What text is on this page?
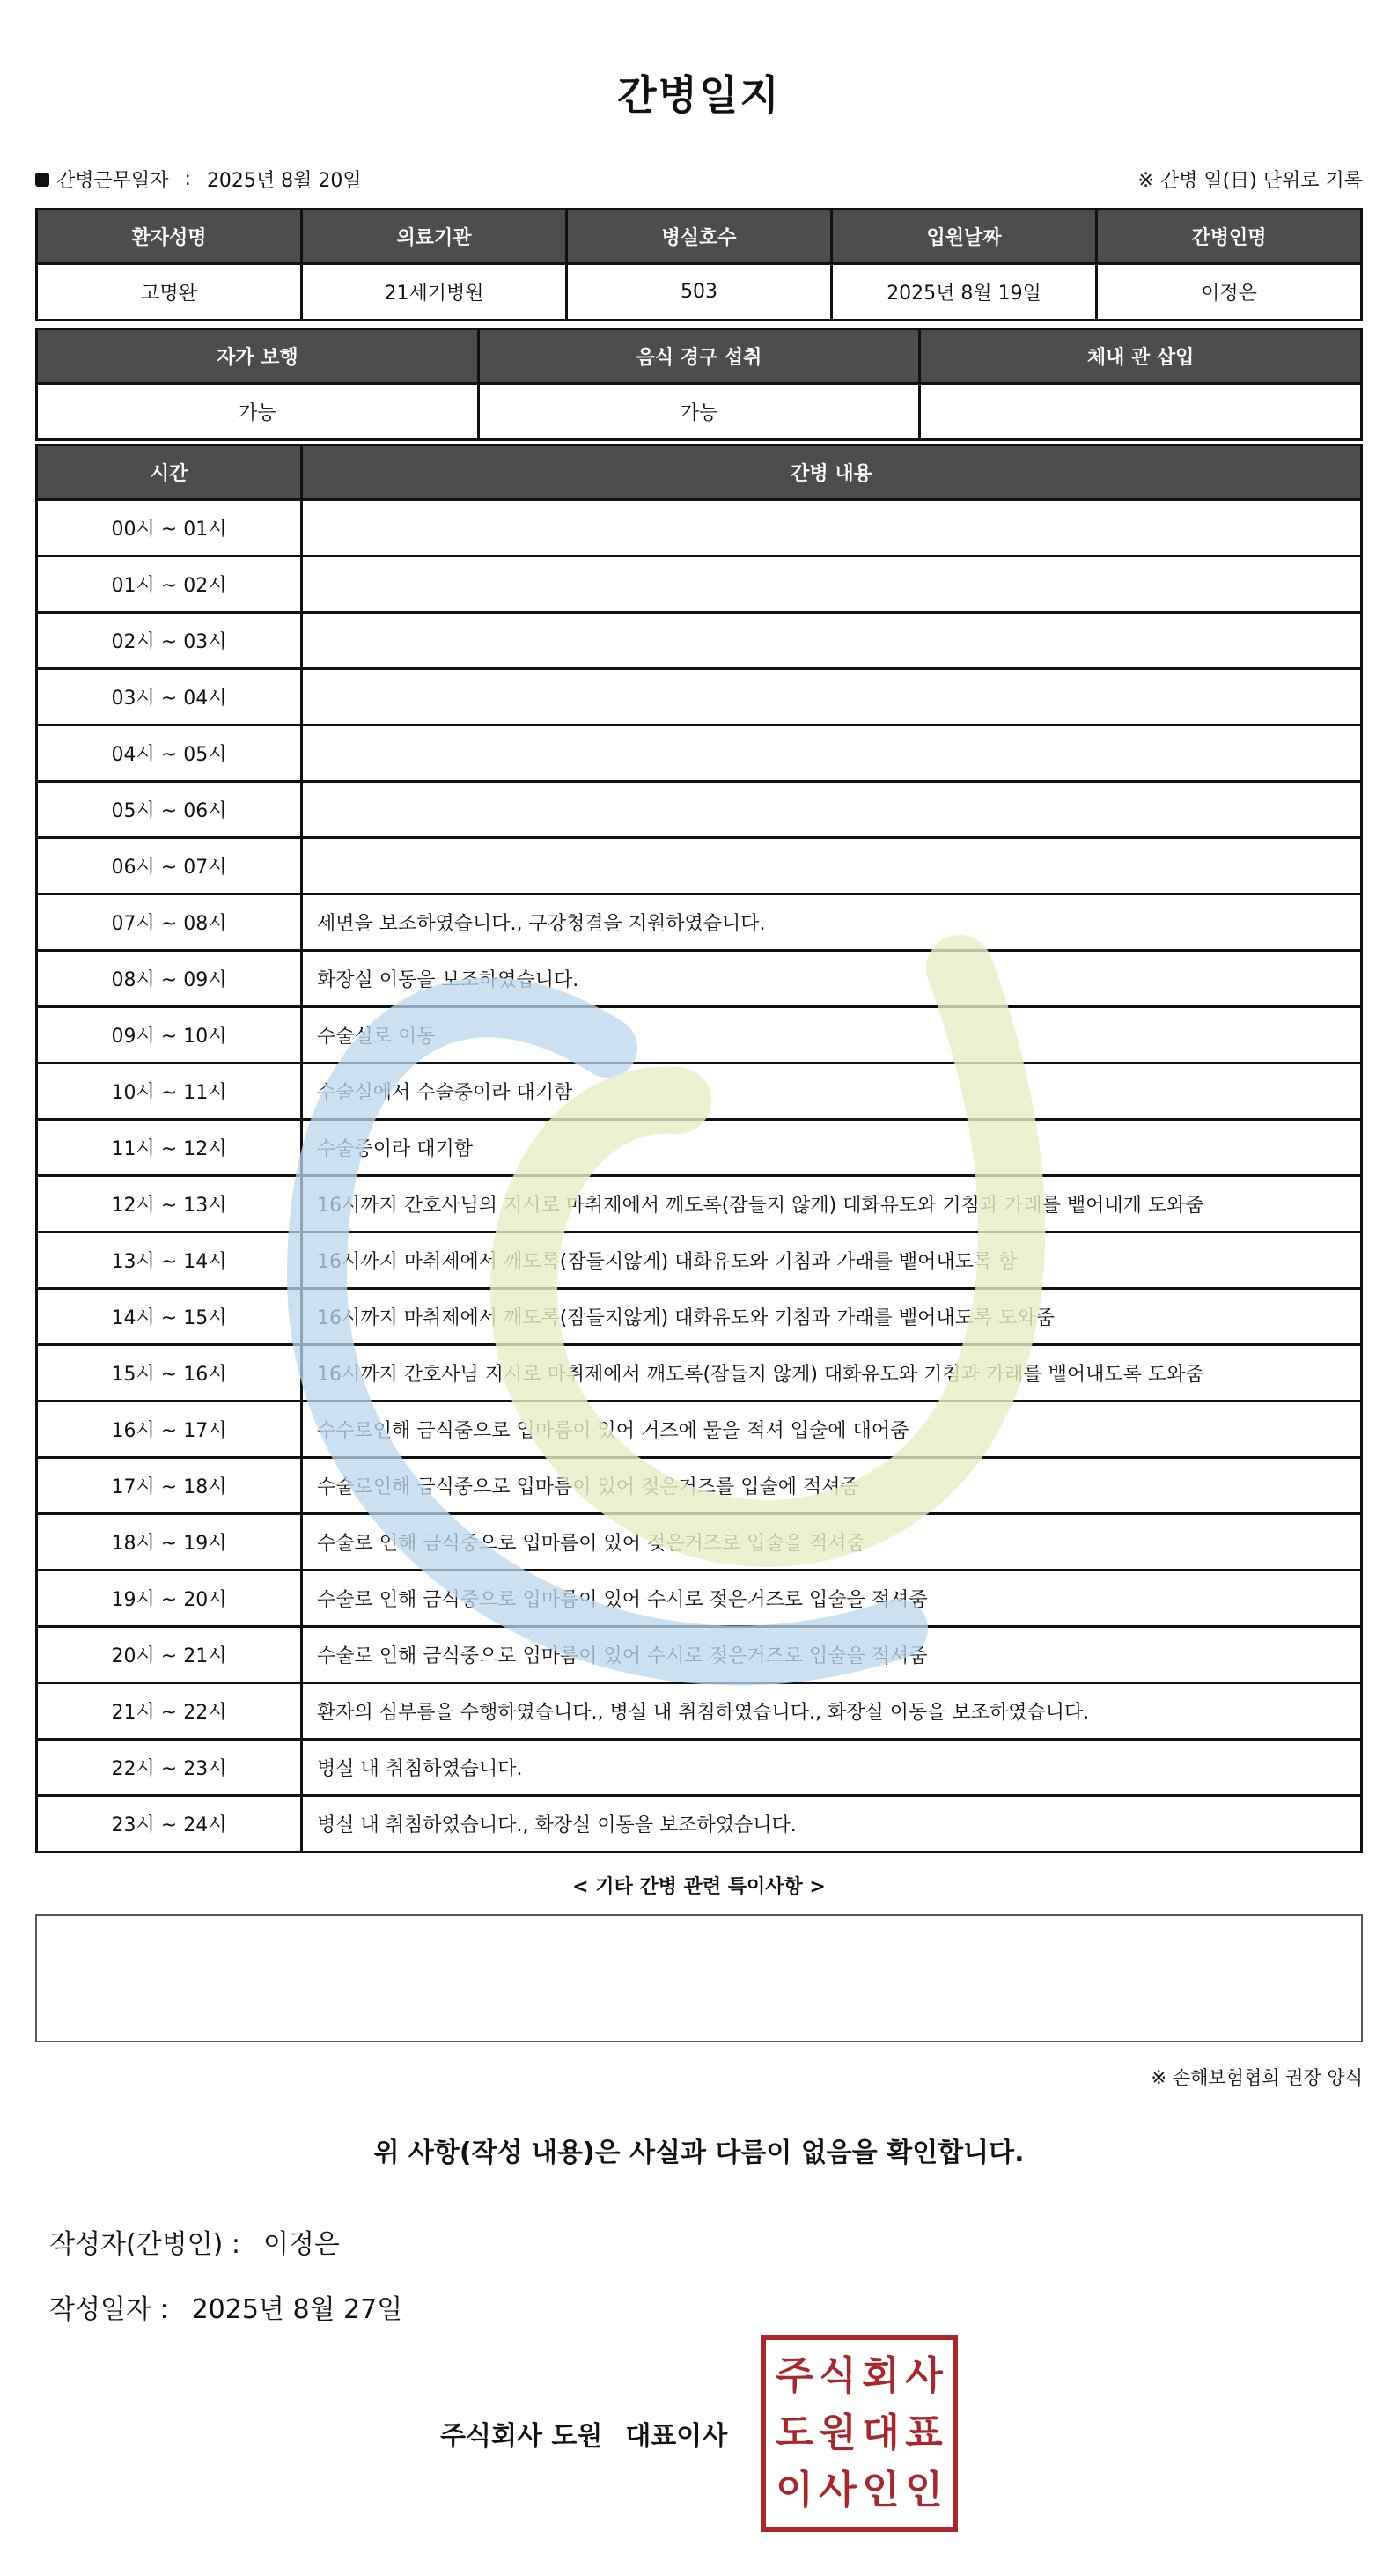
간병일지
간병근무일자 : 2025년 8월 20일	※ 간병 일(日) 단위로 기록
환자성명	의료기관	병실호수	입원날짜	간병인명
고명완	21세기병원	503	2025년 8월 19일	이정은
자가 보행	음식 경구 섭취	체내 관 삽입
가능	가능	
시간	간병 내용
00시 ~ 01시	
01시 ~ 02시	
02시 ~ 03시	
03시 ~ 04시	
04시 ~ 05시	
05시 ~ 06시	
06시 ~ 07시	
07시 ~ 08시	세면을 보조하였습니다., 구강청결을 지원하였습니다.
08시 ~ 09시	화장실 이동을 보조하였습니다.
09시 ~ 10시	수술실로 이동
10시 ~ 11시	수술실에서 수술중이라 대기함
11시 ~ 12시	수술중이라 대기함
12시 ~ 13시	16시까지 간호사님의 지시로 마취제에서 깨도록(잠들지 않게) 대화유도와 기침과 가래를 뱉어내게 도와줌
13시 ~ 14시	16시까지 마취제에서 깨도록(잠들지않게) 대화유도와 기침과 가래를 뱉어내도록 함
14시 ~ 15시	16시까지 마취제에서 깨도록(잠들지않게) 대화유도와 기침과 가래를 뱉어내도록 도와줌
15시 ~ 16시	16시까지 간호사님 지시로 마취제에서 깨도록(잠들지 않게) 대화유도와 기침과 가래를 뱉어내도록 도와줌
16시 ~ 17시	수수로인해 금식줌으로 입마름이 있어 거즈에 물을 적셔 입술에 대어줌
17시 ~ 18시	수술로인해 금식중으로 입마름이 있어 젖은거즈를 입술에 적셔줌
18시 ~ 19시	수술로 인해 금식중으로 입마름이 있어 젖은거즈로 입술을 적셔줌
19시 ~ 20시	수술로 인해 금식중으로 입마름이 있어 수시로 젖은거즈로 입술을 적셔줌
20시 ~ 21시	수술로 인해 금식중으로 입마름이 있어 수시로 젖은거즈로 입술을 적셔줌
21시 ~ 22시	환자의 심부름을 수행하였습니다., 병실 내 취침하였습니다., 화장실 이동을 보조하였습니다.
22시 ~ 23시	병실 내 취침하였습니다.
23시 ~ 24시	병실 내 취침하였습니다., 화장실 이동을 보조하였습니다.
< 기타 간병 관련 특이사항 >
※ 손해보험협회 권장 양식
위 사항(작성 내용)은 사실과 다름이 없음을 확인합니다.
작성자(간병인) : 이정은
작성일자 : 2025년 8월 27일
주식회사 도원 대표이사
주 식 회 사
도 원 대 표
이 사 인 인
